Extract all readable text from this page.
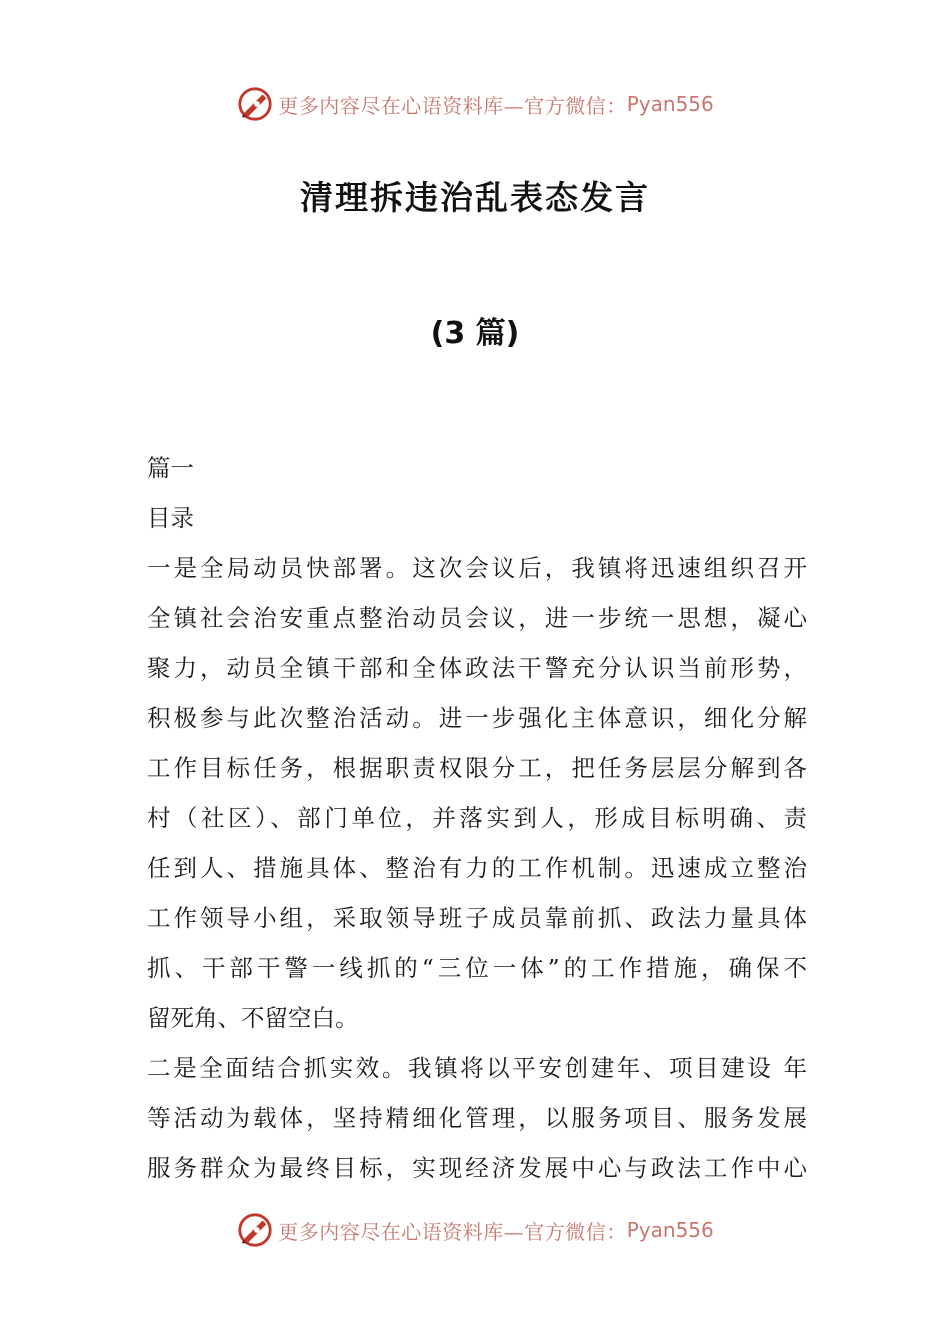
更多内容尽在心语资料库—官方微信： Pyan556
清理拆违治乱表态发言
(3 篇)
篇一
目录
一是全局动员快部署。这次会议后，我镇将迅速组织召开
全镇社会治安重点整治动员会议，进一步统一思想，凝心
聚力，动员全镇干部和全体政法干警充分认识当前形势，
积极参与此次整治活动。进一步强化主体意识，细化分解
工作目标任务，根据职责权限分工，把任务层层分解到各
村（社区）、部门单位，并落实到人，形成目标明确、责
任到人、措施具体、整治有力的工作机制。迅速成立整治
工作领导小组，采取领导班子成员靠前抓、政法力量具体
抓、干部干警一线抓的“三位一体”的工作措施，确保不
留死角、不留空白。
二是全面结合抓实效。我镇将以平安创建年、项目建设 年
等活动为载体，坚持精细化管理，以服务项目、服务发展
服务群众为最终目标，实现经济发展中心与政法工作中心
更多内容尽在心语资料库—官方微信： Pyan556
